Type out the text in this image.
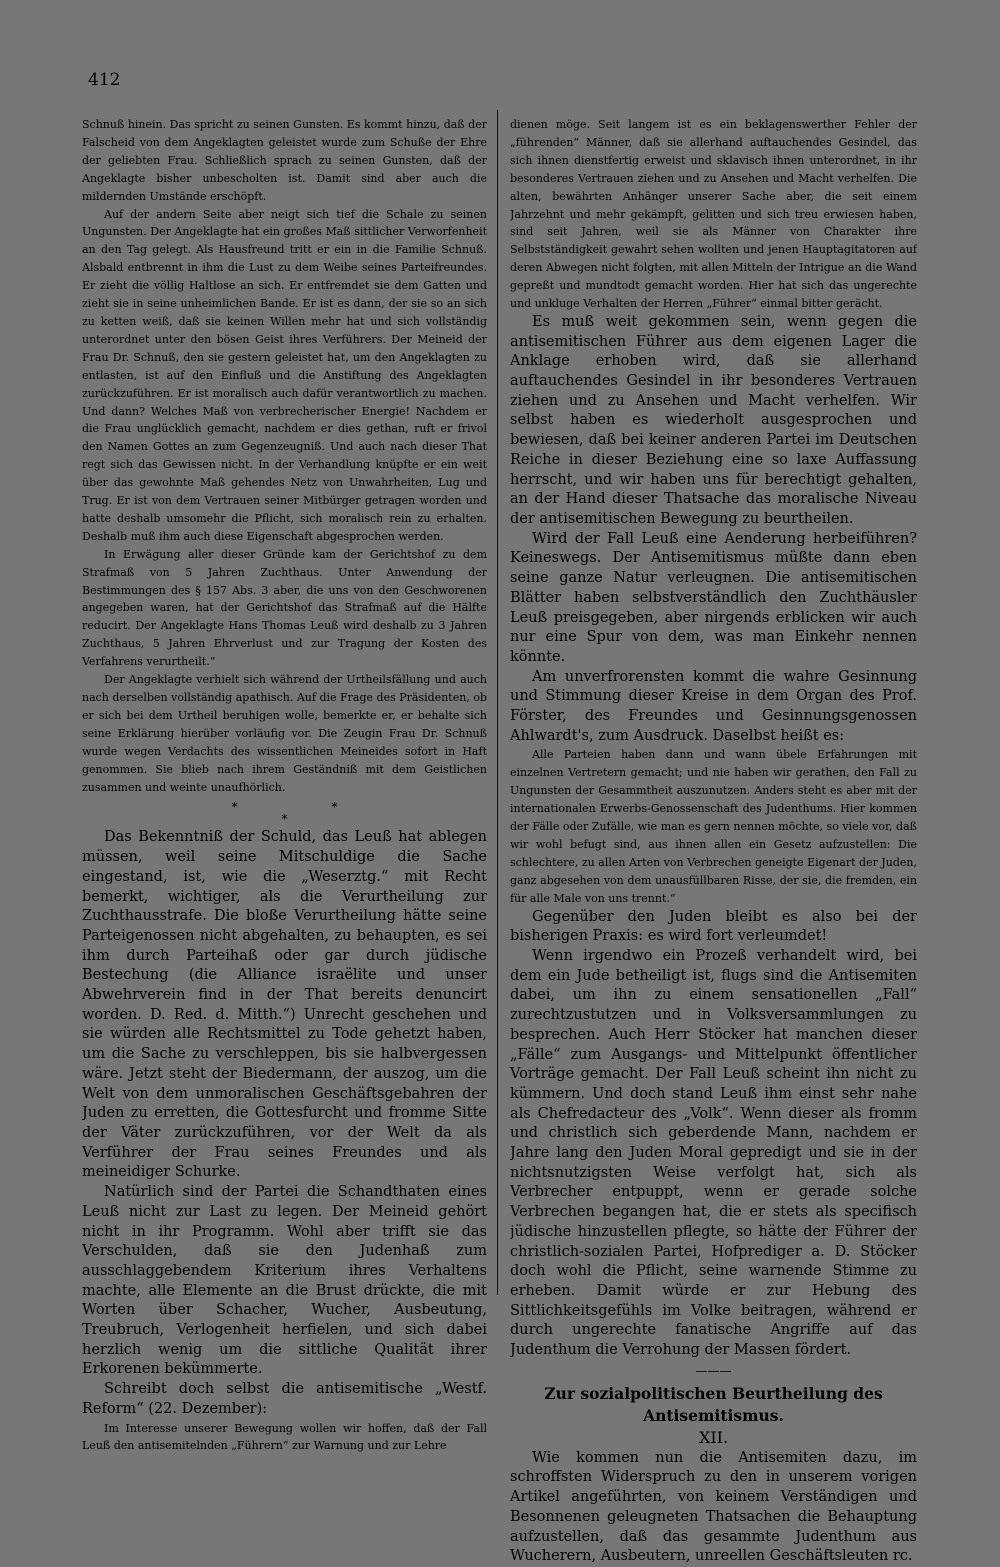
412

Schnuß hinein. Das spricht zu seinen Gunsten. Es kommt hinzu, daß der Falscheid von dem Angeklagten geleistet wurde zum Schuße der Ehre der geliebten Frau. Schließlich sprach zu seinen Gunsten, daß der Angeklagte bisher unbescholten ist. Damit sind aber auch die mildernden Umstände erschöpft.

Auf der andern Seite aber neigt sich tief die Schale zu seinen Ungunsten. Der Angeklagte hat ein großes Maß sittlicher Verworfenheit an den Tag gelegt. Als Hausfreund tritt er ein in die Familie Schnuß. Alsbald entbrennt in ihm die Lust zu dem Weibe seines Parteifreundes. Er zieht die völlig Haltlose an sich. Er entfremdet sie dem Gatten und zieht sie in seine unheimlichen Bande. Er ist es dann, der sie so an sich zu ketten weiß, daß sie keinen Willen mehr hat und sich vollständig unterordnet unter den bösen Geist ihres Verführers. Der Meineid der Frau Dr. Schnuß, den sie gestern geleistet hat, um den Angeklagten zu entlasten, ist auf den Einfluß und die Anstiftung des Angeklagten zurückzuführen. Er ist moralisch auch dafür verantwortlich zu machen. Und dann? Welches Maß von verbrecherischer Energie! Nachdem er die Frau unglücklich gemacht, nachdem er dies gethan, ruft er frivol den Namen Gottes an zum Gegenzeugniß. Und auch nach dieser That regt sich das Gewissen nicht. In der Verhandlung knüpfte er ein weit über das gewohnte Maß gehendes Netz von Unwahrheiten, Lug und Trug. Er ist von dem Vertrauen seiner Mitbürger getragen worden und hatte deshalb umsomehr die Pflicht, sich moralisch rein zu erhalten. Deshalb muß ihm auch diese Eigenschaft abgesprochen werden.

In Erwägung aller dieser Gründe kam der Gerichtshof zu dem Strafmaß von 5 Jahren Zuchthaus. Unter Anwendung der Bestimmungen des § 157 Abs. 3 aber, die uns von den Geschworenen angegeben waren, hat der Gerichtshof das Strafmaß auf die Hälfte reducirt. Der Angeklagte Hans Thomas Leuß wird deshalb zu 3 Jahren Zuchthaus, 5 Jahren Ehrverlust und zur Tragung der Kosten des Verfahrens verurtheilt.“

Der Angeklagte verhielt sich während der Urtheilsfällung und auch nach derselben vollständig apathisch. Auf die Frage des Präsidenten, ob er sich bei dem Urtheil beruhigen wolle, bemerkte er, er behalte sich seine Erklärung hierüber vorläufig vor. Die Zeugin Frau Dr. Schnuß wurde wegen Verdachts des wissentlichen Meineides sofort in Haft genommen. Sie blieb nach ihrem Geständniß mit dem Geistlichen zusammen und weinte unaufhörlich.

* * *

Das Bekenntniß der Schuld, das Leuß hat ablegen müssen, weil seine Mitschuldige die Sache eingestand, ist, wie die „Weserztg.“ mit Recht bemerkt, wichtiger, als die Verurtheilung zur Zuchthausstrafe. Die bloße Verurtheilung hätte seine Parteigenossen nicht abgehalten, zu behaupten, es sei ihm durch Parteihaß oder gar durch jüdische Bestechung (die Alliance israëlite und unser Abwehrverein find in der That bereits denuncirt worden. D. Red. d. Mitth.“) Unrecht geschehen und sie würden alle Rechtsmittel zu Tode gehetzt haben, um die Sache zu verschleppen, bis sie halbvergessen wäre. Jetzt steht der Biedermann, der auszog, um die Welt von dem unmoralischen Geschäftsgebahren der Juden zu erretten, die Gottesfurcht und fromme Sitte der Väter zurückzuführen, vor der Welt da als Verführer der Frau seines Freundes und als meineidiger Schurke.

Natürlich sind der Partei die Schandthaten eines Leuß nicht zur Last zu legen. Der Meineid gehört nicht in ihr Programm. Wohl aber trifft sie das Verschulden, daß sie den Judenhaß zum ausschlaggebendem Kriterium ihres Verhaltens machte, alle Elemente an die Brust drückte, die mit Worten über Schacher, Wucher, Ausbeutung, Treubruch, Verlogenheit herfielen, und sich dabei herzlich wenig um die sittliche Qualität ihrer Erkorenen bekümmerte.

Schreibt doch selbst die antisemitische „Westf. Reform“ (22. Dezember):

Im Interesse unserer Bewegung wollen wir hoffen, daß der Fall Leuß den antisemitelnden „Führern“ zur Warnung und zur Lehre

dienen möge. Seit langem ist es ein beklagenswerther Fehler der „führenden“ Männer, daß sie allerhand auftauchendes Gesindel, das sich ihnen dienstfertig erweist und sklavisch ihnen unterordnet, in ihr besonderes Vertrauen ziehen und zu Ansehen und Macht verhelfen. Die alten, bewährten Anhänger unserer Sache aber, die seit einem Jahrzehnt und mehr gekämpft, gelitten und sich treu erwiesen haben, sind seit Jahren, weil sie als Männer von Charakter ihre Selbstständigkeit gewahrt sehen wollten und jenen Hauptagitatoren auf deren Abwegen nicht folgten, mit allen Mitteln der Intrigue an die Wand gepreßt und mundtodt gemacht worden. Hier hat sich das ungerechte und unkluge Verhalten der Herren „Führer“ einmal bitter gerächt.

Es muß weit gekommen sein, wenn gegen die antisemitischen Führer aus dem eigenen Lager die Anklage erhoben wird, daß sie allerhand auftauchendes Gesindel in ihr besonderes Vertrauen ziehen und zu Ansehen und Macht verhelfen. Wir selbst haben es wiederholt ausgesprochen und bewiesen, daß bei keiner anderen Partei im Deutschen Reiche in dieser Beziehung eine so laxe Auffassung herrscht, und wir haben uns für berechtigt gehalten, an der Hand dieser Thatsache das moralische Niveau der antisemitischen Bewegung zu beurtheilen.

Wird der Fall Leuß eine Aenderung herbeiführen? Keineswegs. Der Antisemitismus müßte dann eben seine ganze Natur verleugnen. Die antisemitischen Blätter haben selbstverständlich den Zuchthäusler Leuß preisgegeben, aber nirgends erblicken wir auch nur eine Spur von dem, was man Einkehr nennen könnte.

Am unverfrorensten kommt die wahre Gesinnung und Stimmung dieser Kreise in dem Organ des Prof. Förster, des Freundes und Gesinnungsgenossen Ahlwardt's, zum Ausdruck. Daselbst heißt es:

Alle Parteien haben dann und wann übele Erfahrungen mit einzelnen Vertretern gemacht; und nie haben wir gerathen, den Fall zu Ungunsten der Gesammtheit auszunutzen. Anders steht es aber mit der internationalen Erwerbs-Genossenschaft des Judenthums. Hier kommen der Fälle oder Zufälle, wie man es gern nennen möchte, so viele vor, daß wir wohl befugt sind, aus ihnen allen ein Gesetz aufzustellen: Die schlechtere, zu allen Arten von Verbrechen geneigte Eigenart der Juden, ganz abgesehen von dem unausfüllbaren Risse, der sie, die fremden, ein für alle Male von uns trennt.“

Gegenüber den Juden bleibt es also bei der bisherigen Praxis: es wird fort verleumdet!

Wenn irgendwo ein Prozeß verhandelt wird, bei dem ein Jude betheiligt ist, flugs sind die Antisemiten dabei, um ihn zu einem sensationellen „Fall“ zurechtzustutzen und in Volksversammlungen zu besprechen. Auch Herr Stöcker hat manchen dieser „Fälle“ zum Ausgangs- und Mittelpunkt öffentlicher Vorträge gemacht. Der Fall Leuß scheint ihn nicht zu kümmern. Und doch stand Leuß ihm einst sehr nahe als Chefredacteur des „Volk“. Wenn dieser als fromm und christlich sich geberdende Mann, nachdem er Jahre lang den Juden Moral gepredigt und sie in der nichtsnutzigsten Weise verfolgt hat, sich als Verbrecher entpuppt, wenn er gerade solche Verbrechen begangen hat, die er stets als specifisch jüdische hinzustellen pflegte, so hätte der Führer der christlich-sozialen Partei, Hofprediger a. D. Stöcker doch wohl die Pflicht, seine warnende Stimme zu erheben. Damit würde er zur Hebung des Sittlichkeitsgefühls im Volke beitragen, während er durch ungerechte fanatische Angriffe auf das Judenthum die Verrohung der Massen fördert.

———
Zur sozialpolitischen Beurtheilung des Antisemitismus.
XII.

Wie kommen nun die Antisemiten dazu, im schroffsten Widerspruch zu den in unserem vorigen Artikel angeführten, von keinem Verständigen und Besonnenen geleugneten Thatsachen die Behauptung aufzustellen, daß das gesammte Judenthum aus Wucherern, Ausbeutern, unreellen Geschäftsleuten rc.
